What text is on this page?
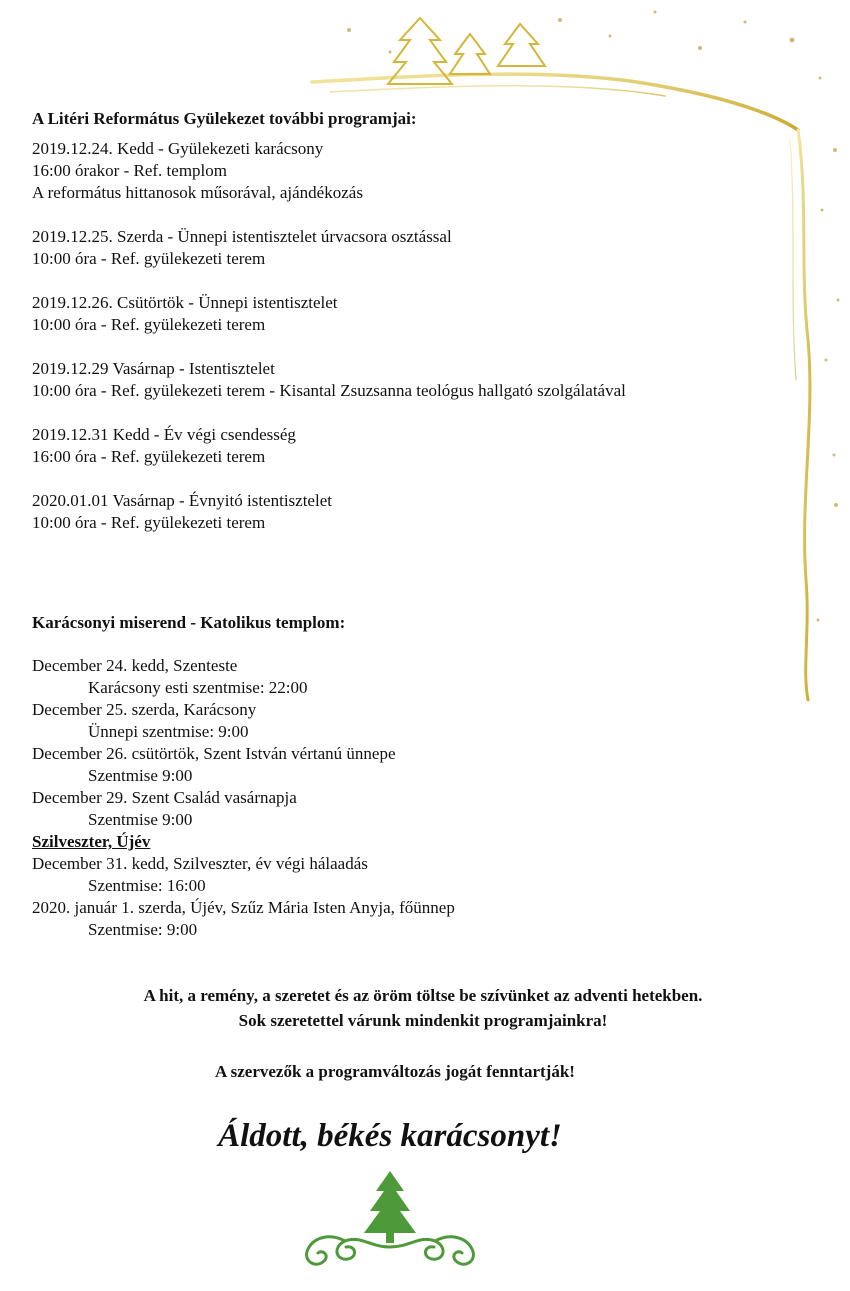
A Litéri Református Gyülekezet további programjai:
2019.12.24. Kedd - Gyülekezeti karácsony
16:00 órakor - Ref. templom
A református hittanosok műsorával, ajándékozás
2019.12.25. Szerda - Ünnepi istentisztelet úrvacsora osztással
10:00 óra - Ref. gyülekezeti terem
2019.12.26. Csütörtök - Ünnepi istentisztelet
10:00 óra - Ref. gyülekezeti terem
2019.12.29 Vasárnap - Istentisztelet
10:00 óra - Ref. gyülekezeti terem - Kisantal Zsuzsanna teológus hallgató szolgálatával
2019.12.31 Kedd - Év végi csendesség
16:00 óra - Ref. gyülekezeti terem
2020.01.01 Vasárnap - Évnyitó istentisztelet
10:00 óra - Ref. gyülekezeti terem
Karácsonyi miserend - Katolikus templom:
December 24. kedd, Szenteste
Karácsony esti szentmise: 22:00
December 25. szerda, Karácsony
Ünnepi szentmise: 9:00
December 26. csütörtök, Szent István vértanú ünnepe
Szentmise 9:00
December 29. Szent Család vasárnapja
Szentmise 9:00
Szilveszter, Újév
December 31. kedd, Szilveszter, év végi hálaadás
Szentmise: 16:00
2020. január 1. szerda, Újév, Szűz Mária Isten Anyja, főünnep
Szentmise: 9:00
A hit, a remény, a szeretet és az öröm töltse be szívünket az adventi hetekben.
Sok szeretettel várunk mindenkit programjainkra!
A szervezők a programváltozás jogát fenntartják!
Áldott, békés karácsonyt!
